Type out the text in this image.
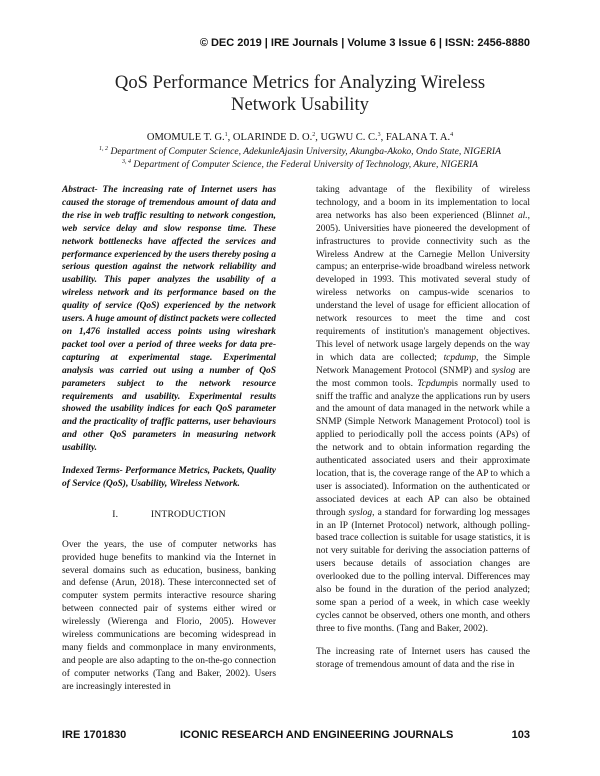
© DEC 2019 | IRE Journals | Volume 3 Issue 6 | ISSN: 2456-8880
QoS Performance Metrics for Analyzing Wireless
Network Usability
OMOMULE T. G.$^1$, OLARINDE D. O.$^2$, UGWU C. C.$^3$, FALANA T. A.$^4$
$^{1, 2}$ Department of Computer Science, AdekunleAjasin University, Akungba-Akoko, Ondo State, NIGERIA
$^{3, 4}$ Department of Computer Science, the Federal University of Technology, Akure, NIGERIA

Abstract- The increasing rate of Internet users has caused the storage of tremendous amount of data and the rise in web traffic resulting to network congestion, web service delay and slow response time. These network bottlenecks have affected the services and performance experienced by the users thereby posing a serious question against the network reliability and usability. This paper analyzes the usability of a wireless network and its performance based on the quality of service (QoS) experienced by the network users. A huge amount of distinct packets were collected on 1,476 installed access points using wireshark packet tool over a period of three weeks for data pre-capturing at experimental stage. Experimental analysis was carried out using a number of QoS parameters subject to the network resource requirements and usability. Experimental results showed the usability indices for each QoS parameter and the practicality of traffic patterns, user behaviours and other QoS parameters in measuring network usability.

Indexed Terms- Performance Metrics, Packets, Quality of Service (QoS), Usability, Wireless Network.

I.	INTRODUCTION

Over the years, the use of computer networks has provided huge benefits to mankind via the Internet in several domains such as education, business, banking and defense (Arun, 2018). These interconnected set of computer system permits interactive resource sharing between connected pair of systems either wired or wirelessly (Wierenga and Florio, 2005). However wireless communications are becoming widespread in many fields and commonplace in many environments, and people are also adapting to the on-the-go connection of computer networks (Tang and Baker, 2002). Users are increasingly interested in

taking advantage of the flexibility of wireless technology, and a boom in its implementation to local area networks has also been experienced (Blinnet al., 2005). Universities have pioneered the development of infrastructures to provide connectivity such as the Wireless Andrew at the Carnegie Mellon University campus; an enterprise-wide broadband wireless network developed in 1993. This motivated several study of wireless networks on campus-wide scenarios to understand the level of usage for efficient allocation of network resources to meet the time and cost requirements of institution's management objectives. This level of network usage largely depends on the way in which data are collected; tcpdump, the Simple Network Management Protocol (SNMP) and syslog are the most common tools. Tcpdumpis normally used to sniff the traffic and analyze the applications run by users and the amount of data managed in the network while a SNMP (Simple Network Management Protocol) tool is applied to periodically poll the access points (APs) of the network and to obtain information regarding the authenticated associated users and their approximate location, that is, the coverage range of the AP to which a user is associated). Information on the authenticated or associated devices at each AP can also be obtained through syslog, a standard for forwarding log messages in an IP (Internet Protocol) network, although polling-based trace collection is suitable for usage statistics, it is not very suitable for deriving the association patterns of users because details of association changes are overlooked due to the polling interval. Differences may also be found in the duration of the period analyzed; some span a period of a week, in which case weekly cycles cannot be observed, others one month, and others three to five months. (Tang and Baker, 2002).

The increasing rate of Internet users has caused the storage of tremendous amount of data and the rise in

IRE 1701830	ICONIC RESEARCH AND ENGINEERING JOURNALS	103
